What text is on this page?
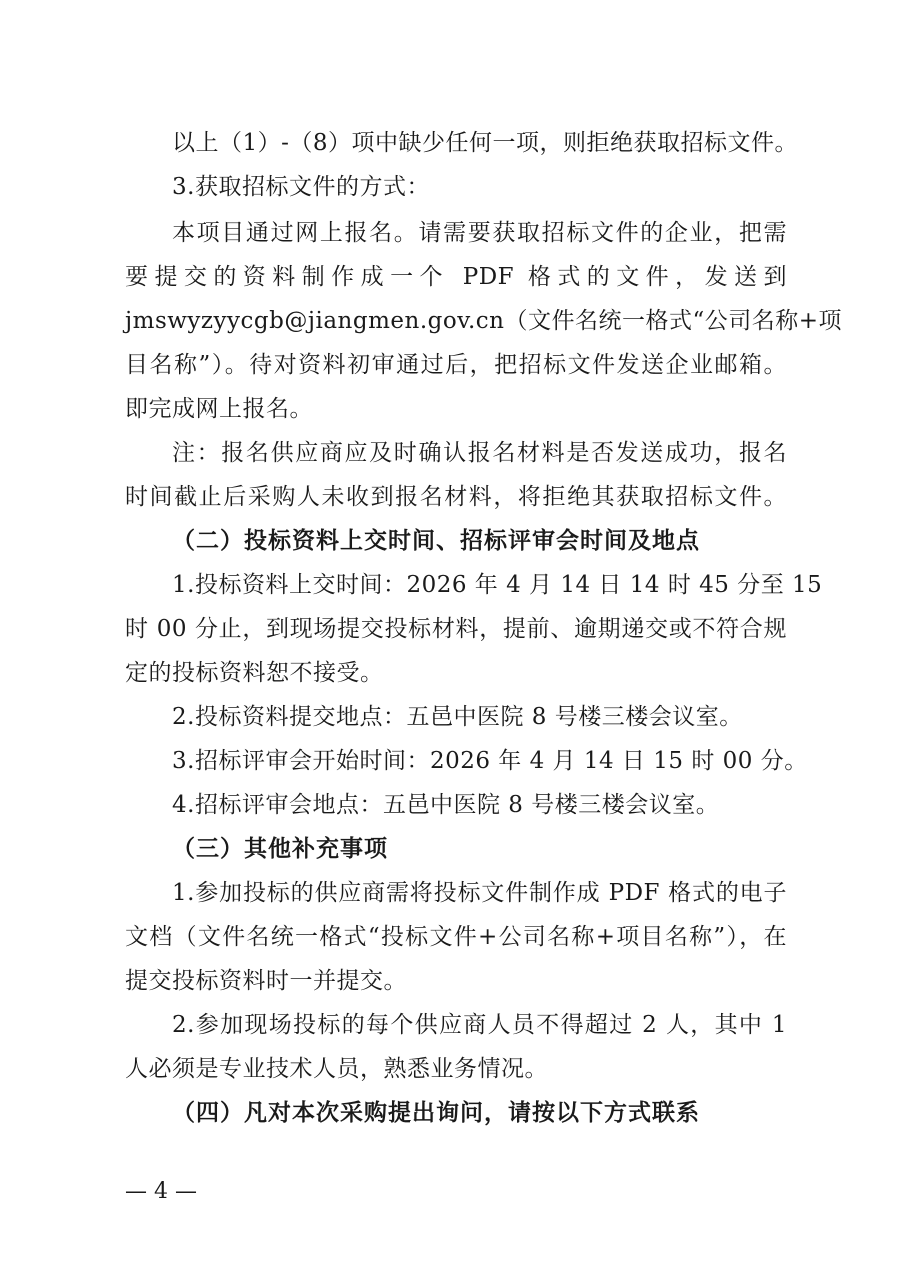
以上（1）-（8）项中缺少任何一项，则拒绝获取招标文件。
3.获取招标文件的方式：
本项目通过网上报名。请需要获取招标文件的企业，把需
要提交的资料制作成一个 PDF 格式的文件，发送到
jmswyzyycgb@jiangmen.gov.cn（文件名统一格式“公司名称+项
目名称”）。待对资料初审通过后，把招标文件发送企业邮箱。
即完成网上报名。
注：报名供应商应及时确认报名材料是否发送成功，报名
时间截止后采购人未收到报名材料，将拒绝其获取招标文件。
（二）投标资料上交时间、招标评审会时间及地点
1.投标资料上交时间：2026 年 4 月 14 日 14 时 45 分至 15
时 00 分止，到现场提交投标材料，提前、逾期递交或不符合规
定的投标资料恕不接受。
2.投标资料提交地点：五邑中医院 8 号楼三楼会议室。
3.招标评审会开始时间：2026 年 4 月 14 日 15 时 00 分。
4.招标评审会地点：五邑中医院 8 号楼三楼会议室。
（三）其他补充事项
1.参加投标的供应商需将投标文件制作成 PDF 格式的电子
文档（文件名统一格式“投标文件+公司名称+项目名称”），在
提交投标资料时一并提交。
2.参加现场投标的每个供应商人员不得超过 2 人，其中 1
人必须是专业技术人员，熟悉业务情况。
（四）凡对本次采购提出询问，请按以下方式联系
— 4 —
